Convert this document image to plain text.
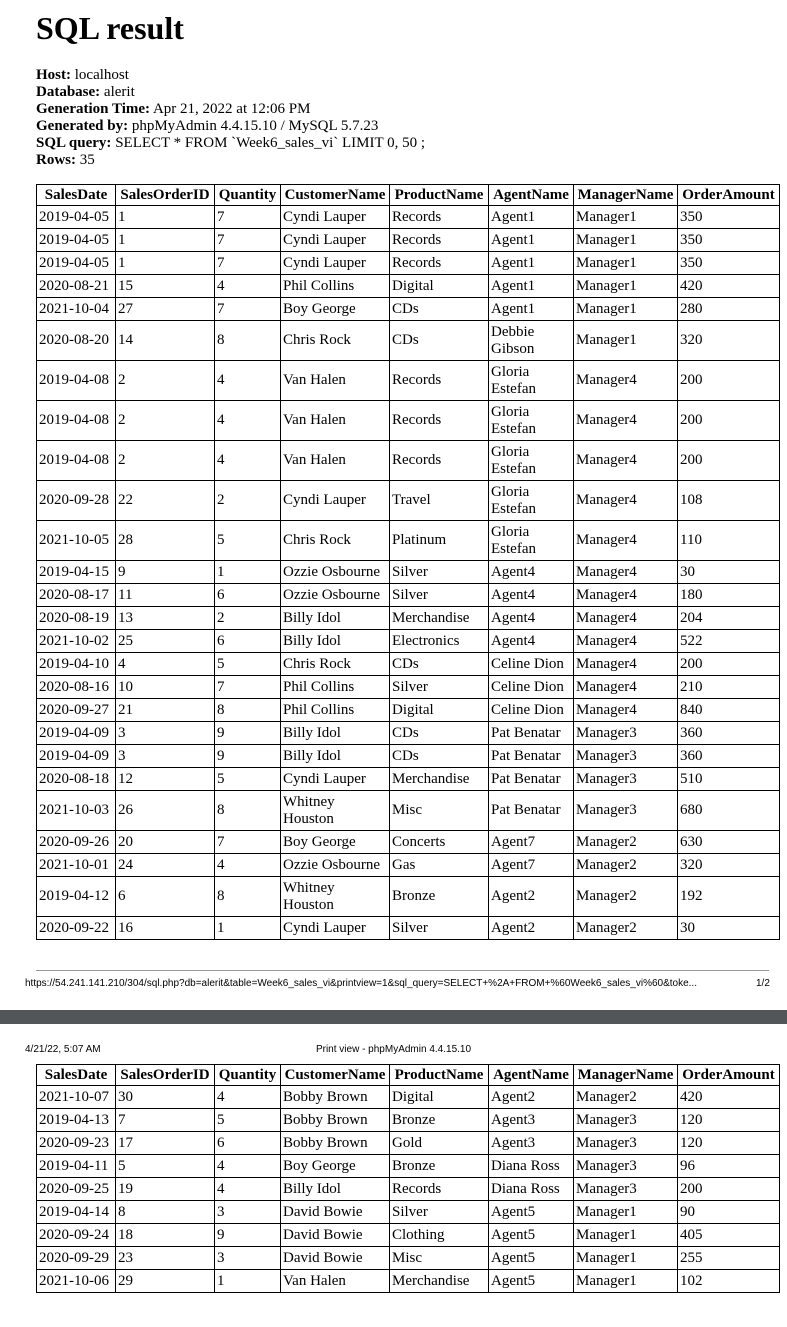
SQL result
Host: localhost
Database: alerit
Generation Time: Apr 21, 2022 at 12:06 PM
Generated by: phpMyAdmin 4.4.15.10 / MySQL 5.7.23
SQL query: SELECT * FROM `Week6_sales_vi` LIMIT 0, 50 ;
Rows: 35
SalesDate	SalesOrderID	Quantity	CustomerName	ProductName	AgentName	ManagerName	OrderAmount
2019-04-05	1	7	Cyndi Lauper	Records	Agent1	Manager1	350
2019-04-05	1	7	Cyndi Lauper	Records	Agent1	Manager1	350
2019-04-05	1	7	Cyndi Lauper	Records	Agent1	Manager1	350
2020-08-21	15	4	Phil Collins	Digital	Agent1	Manager1	420
2021-10-04	27	7	Boy George	CDs	Agent1	Manager1	280
2020-08-20	14	8	Chris Rock	CDs	Debbie Gibson	Manager1	320
2019-04-08	2	4	Van Halen	Records	Gloria Estefan	Manager4	200
2019-04-08	2	4	Van Halen	Records	Gloria Estefan	Manager4	200
2019-04-08	2	4	Van Halen	Records	Gloria Estefan	Manager4	200
2020-09-28	22	2	Cyndi Lauper	Travel	Gloria Estefan	Manager4	108
2021-10-05	28	5	Chris Rock	Platinum	Gloria Estefan	Manager4	110
2019-04-15	9	1	Ozzie Osbourne	Silver	Agent4	Manager4	30
2020-08-17	11	6	Ozzie Osbourne	Silver	Agent4	Manager4	180
2020-08-19	13	2	Billy Idol	Merchandise	Agent4	Manager4	204
2021-10-02	25	6	Billy Idol	Electronics	Agent4	Manager4	522
2019-04-10	4	5	Chris Rock	CDs	Celine Dion	Manager4	200
2020-08-16	10	7	Phil Collins	Silver	Celine Dion	Manager4	210
2020-09-27	21	8	Phil Collins	Digital	Celine Dion	Manager4	840
2019-04-09	3	9	Billy Idol	CDs	Pat Benatar	Manager3	360
2019-04-09	3	9	Billy Idol	CDs	Pat Benatar	Manager3	360
2020-08-18	12	5	Cyndi Lauper	Merchandise	Pat Benatar	Manager3	510
2021-10-03	26	8	Whitney Houston	Misc	Pat Benatar	Manager3	680
2020-09-26	20	7	Boy George	Concerts	Agent7	Manager2	630
2021-10-01	24	4	Ozzie Osbourne	Gas	Agent7	Manager2	320
2019-04-12	6	8	Whitney Houston	Bronze	Agent2	Manager2	192
2020-09-22	16	1	Cyndi Lauper	Silver	Agent2	Manager2	30
https://54.241.141.210/304/sql.php?db=alerit&table=Week6_sales_vi&printview=1&sql_query=SELECT+%2A+FROM+%60Week6_sales_vi%60&toke...	1/2
4/21/22, 5:07 AM	Print view - phpMyAdmin 4.4.15.10
SalesDate	SalesOrderID	Quantity	CustomerName	ProductName	AgentName	ManagerName	OrderAmount
2021-10-07	30	4	Bobby Brown	Digital	Agent2	Manager2	420
2019-04-13	7	5	Bobby Brown	Bronze	Agent3	Manager3	120
2020-09-23	17	6	Bobby Brown	Gold	Agent3	Manager3	120
2019-04-11	5	4	Boy George	Bronze	Diana Ross	Manager3	96
2020-09-25	19	4	Billy Idol	Records	Diana Ross	Manager3	200
2019-04-14	8	3	David Bowie	Silver	Agent5	Manager1	90
2020-09-24	18	9	David Bowie	Clothing	Agent5	Manager1	405
2020-09-29	23	3	David Bowie	Misc	Agent5	Manager1	255
2021-10-06	29	1	Van Halen	Merchandise	Agent5	Manager1	102
